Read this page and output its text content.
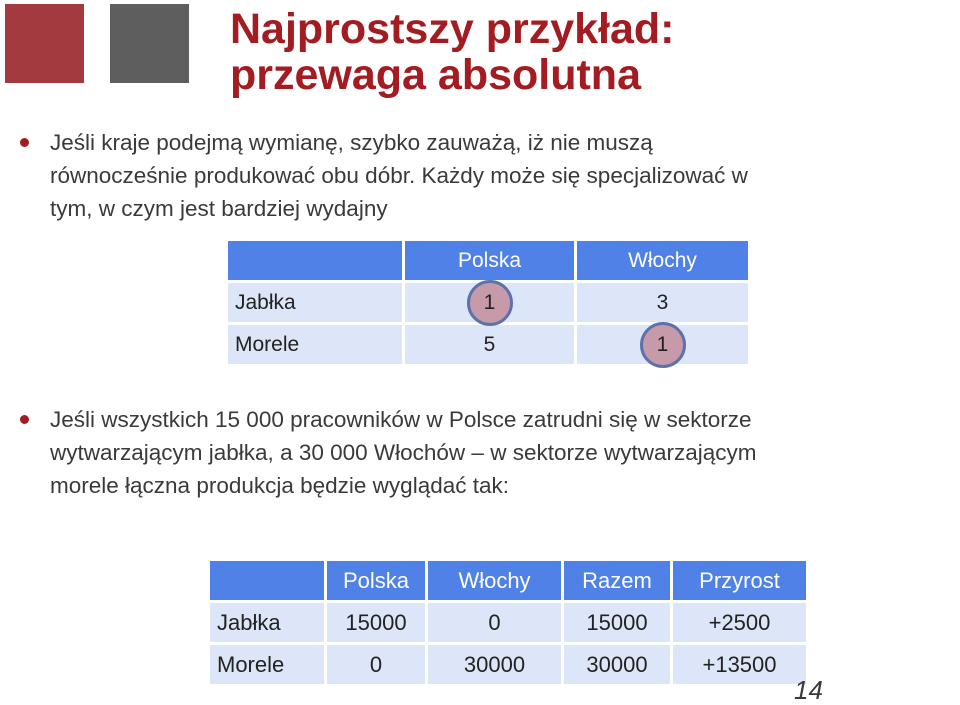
Najprostszy przykład:
przewaga absolutna
Jeśli kraje podejmą wymianę, szybko zauważą, iż nie muszą
równocześnie produkować obu dóbr. Każdy może się specjalizować w
tym, w czym jest bardziej wydajny
	Polska	Włochy
Jabłka	1	3
Morele	5	1
Jeśli wszystkich 15 000 pracowników w Polsce zatrudni się w sektorze
wytwarzającym jabłka, a 30 000 Włochów – w sektorze wytwarzającym
morele łączna produkcja będzie wyglądać tak:
	Polska	Włochy	Razem	Przyrost
Jabłka	15000	0	15000	+2500
Morele	0	30000	30000	+13500
14
